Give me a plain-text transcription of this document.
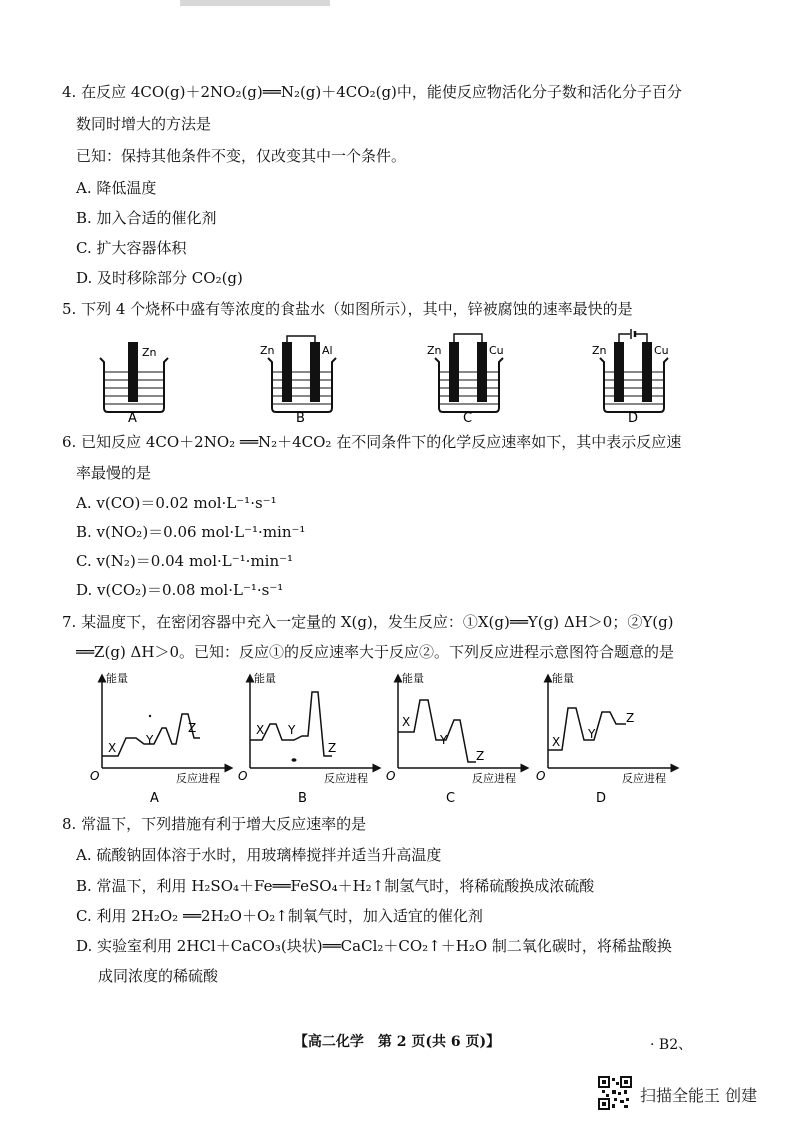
4. 在反应 4CO(g)＋2NO₂(g)══N₂(g)＋4CO₂(g)中，能使反应物活化分子数和活化分子百分
数同时增大的方法是
已知：保持其他条件不变，仅改变其中一个条件。
A. 降低温度
B. 加入合适的催化剂
C. 扩大容器体积
D. 及时移除部分 CO₂(g)
5. 下列 4 个烧杯中盛有等浓度的食盐水（如图所示），其中，锌被腐蚀的速率最快的是
Zn
A
Zn	Al
B
Zn	Cu
C
Zn	Cu
D
6. 已知反应 4CO＋2NO₂ ══N₂＋4CO₂ 在不同条件下的化学反应速率如下，其中表示反应速
率最慢的是
A. v(CO)＝0.02 mol·L⁻¹·s⁻¹
B. v(NO₂)＝0.06 mol·L⁻¹·min⁻¹
C. v(N₂)＝0.04 mol·L⁻¹·min⁻¹
D. v(CO₂)＝0.08 mol·L⁻¹·s⁻¹
7. 某温度下，在密闭容器中充入一定量的 X(g)，发生反应：①X(g)══Y(g) ΔH＞0；②Y(g)
══Z(g) ΔH＞0。已知：反应①的反应速率大于反应②。下列反应进程示意图符合题意的是
能量
反应进程
O
X
Y
Z
A
能量
反应进程
O
X Y
Z
B
能量
反应进程
O
X
Y
Z
C
能量
反应进程
O
X
Y
Z
D
8. 常温下，下列措施有利于增大反应速率的是
A. 硫酸钠固体溶于水时，用玻璃棒搅拌并适当升高温度
B. 常温下，利用 H₂SO₄＋Fe══FeSO₄＋H₂↑制氢气时，将稀硫酸换成浓硫酸
C. 利用 2H₂O₂ ══2H₂O＋O₂↑制氧气时，加入适宜的催化剂
D. 实验室利用 2HCl＋CaCO₃(块状)══CaCl₂＋CO₂↑＋H₂O 制二氧化碳时，将稀盐酸换
成同浓度的稀硫酸
【高二化学　第 2 页(共 6 页)】	· B2、
扫描全能王 创建
